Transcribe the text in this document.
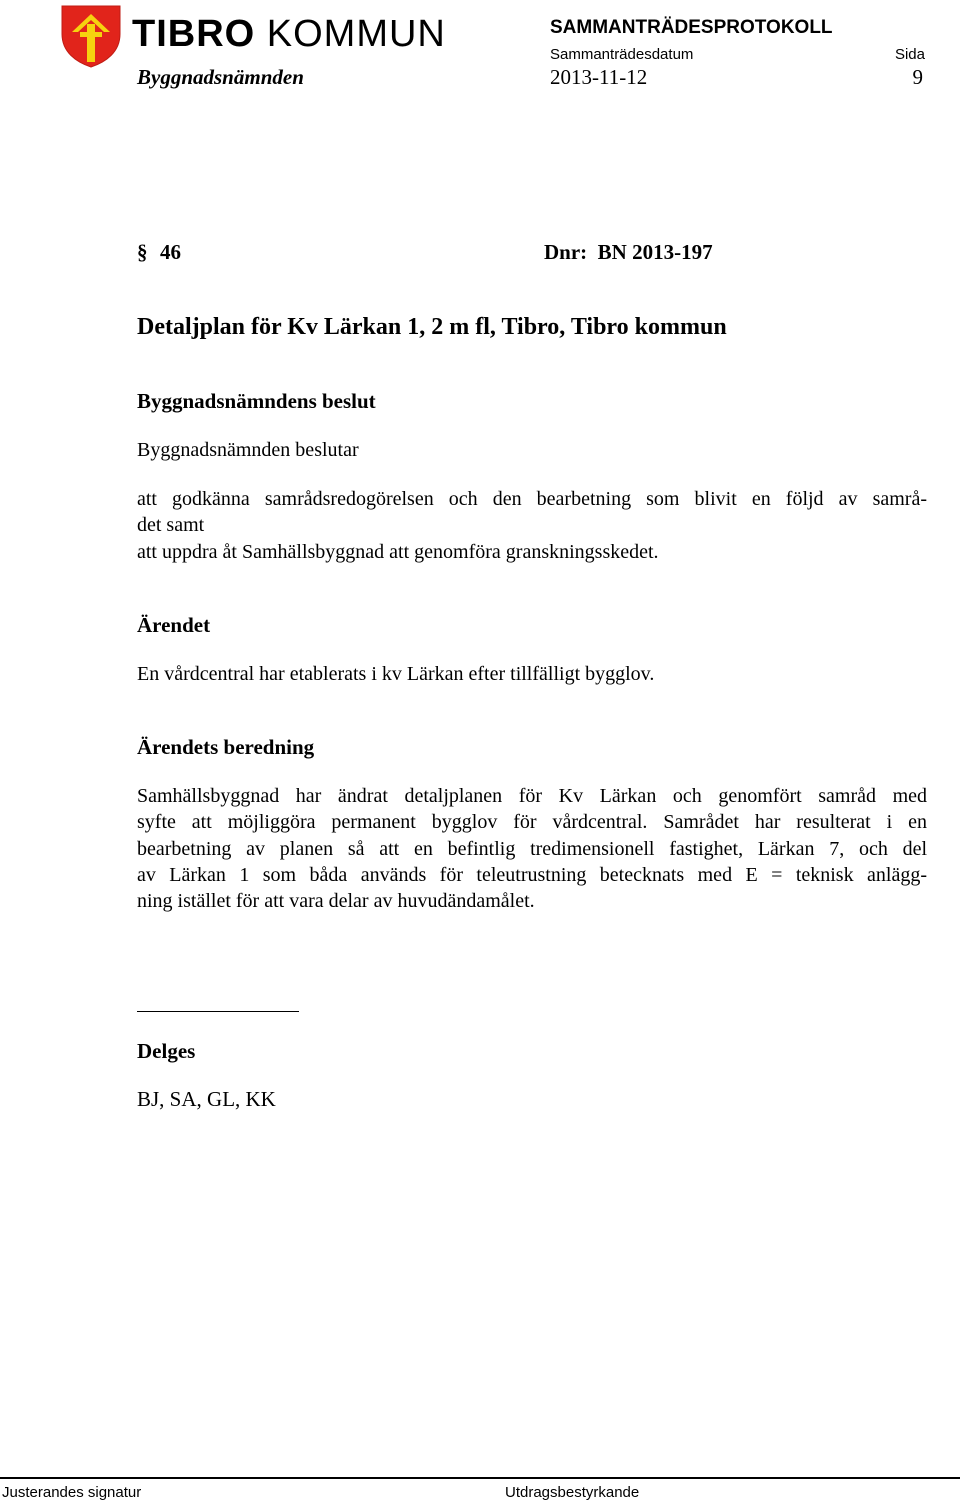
TIBRO KOMMUN	SAMMANTRÄDESPROTOKOLL
Sammanträdesdatum	Sida
Byggnadsnämnden	2013-11-12	9
§ 46	Dnr:  BN 2013-197
Detaljplan för Kv Lärkan 1, 2 m fl, Tibro, Tibro kommun
Byggnadsnämndens beslut

Byggnadsnämnden beslutar

att godkänna samrådsredogörelsen och den bearbetning som blivit en följd av samrå-
det samt
att uppdra åt Samhällsbyggnad att genomföra granskningsskedet.
Ärendet

En vårdcentral har etablerats i kv Lärkan efter tillfälligt bygglov.

Ärendets beredning
Samhällsbyggnad har ändrat detaljplanen för Kv Lärkan och genomfört samråd med
syfte att möjliggöra permanent bygglov för vårdcentral. Samrådet har resulterat i en
bearbetning av planen så att en befintlig tredimensionell fastighet, Lärkan 7, och del
av Lärkan 1 som båda används för teleutrustning betecknats med E = teknisk anlägg-
ning istället för att vara delar av huvudändamålet.
Delges

BJ, SA, GL, KK

Justerandes signatur	Utdragsbestyrkande
